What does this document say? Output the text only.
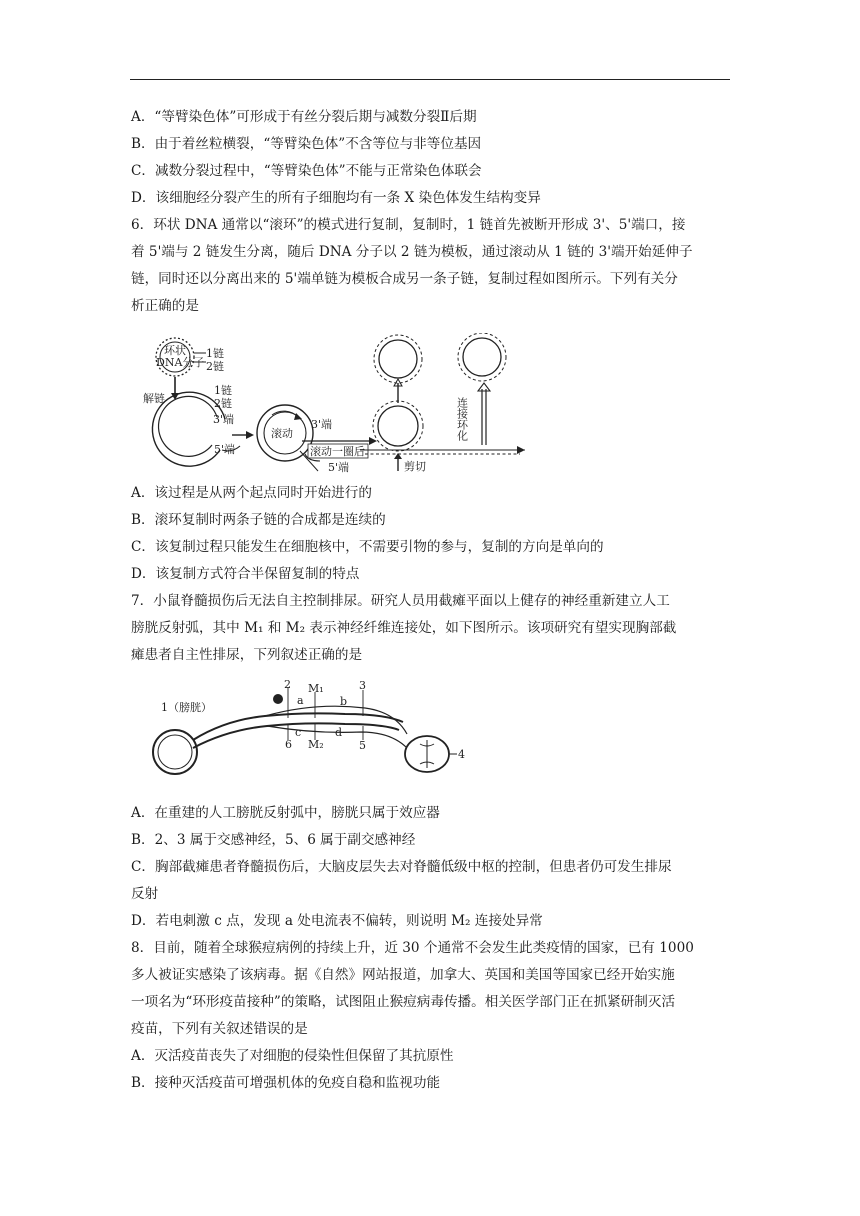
A．“等臂染色体”可形成于有丝分裂后期与减数分裂Ⅱ后期
B．由于着丝粒横裂，“等臂染色体”不含等位与非等位基因
C．减数分裂过程中，“等臂染色体”不能与正常染色体联会
D．该细胞经分裂产生的所有子细胞均有一条 X 染色体发生结构变异
6．环状 DNA 通常以“滚环”的模式进行复制，复制时，1 链首先被断开形成 3'、5'端口，接
着 5'端与 2 链发生分离，随后 DNA 分子以 2 链为模板，通过滚动从 1 链的 3'端开始延伸子
链，同时还以分离出来的 5'端单链为模板合成另一条子链，复制过程如图所示。下列有关分
析正确的是
环状
DNA分子
1链
2链
解链
1链
2链
3'端
5'端
滚动
3'端
滚动一圈后
5'端	剪切
连接环化
A．该过程是从两个起点同时开始进行的
B．滚环复制时两条子链的合成都是连续的
C．该复制过程只能发生在细胞核中，不需要引物的参与，复制的方向是单向的
D．该复制方式符合半保留复制的特点
7．小鼠脊髓损伤后无法自主控制排尿。研究人员用截瘫平面以上健存的神经重新建立人工
膀胱反射弧，其中 M₁ 和 M₂ 表示神经纤维连接处，如下图所示。该项研究有望实现胸部截
瘫患者自主性排尿，下列叙述正确的是
1（膀胱）
4
2
a
M₁
b
3
c
6 M₂
d
5
A．在重建的人工膀胱反射弧中，膀胱只属于效应器
B．2、3 属于交感神经，5、6 属于副交感神经
C．胸部截瘫患者脊髓损伤后，大脑皮层失去对脊髓低级中枢的控制，但患者仍可发生排尿
反射
D．若电刺激 c 点，发现 a 处电流表不偏转，则说明 M₂ 连接处异常
8．目前，随着全球猴痘病例的持续上升，近 30 个通常不会发生此类疫情的国家，已有 1000
多人被证实感染了该病毒。据《自然》网站报道，加拿大、英国和美国等国家已经开始实施
一项名为“环形疫苗接种”的策略，试图阻止猴痘病毒传播。相关医学部门正在抓紧研制灭活
疫苗，下列有关叙述错误的是
A．灭活疫苗丧失了对细胞的侵染性但保留了其抗原性
B．接种灭活疫苗可增强机体的免疫自稳和监视功能
